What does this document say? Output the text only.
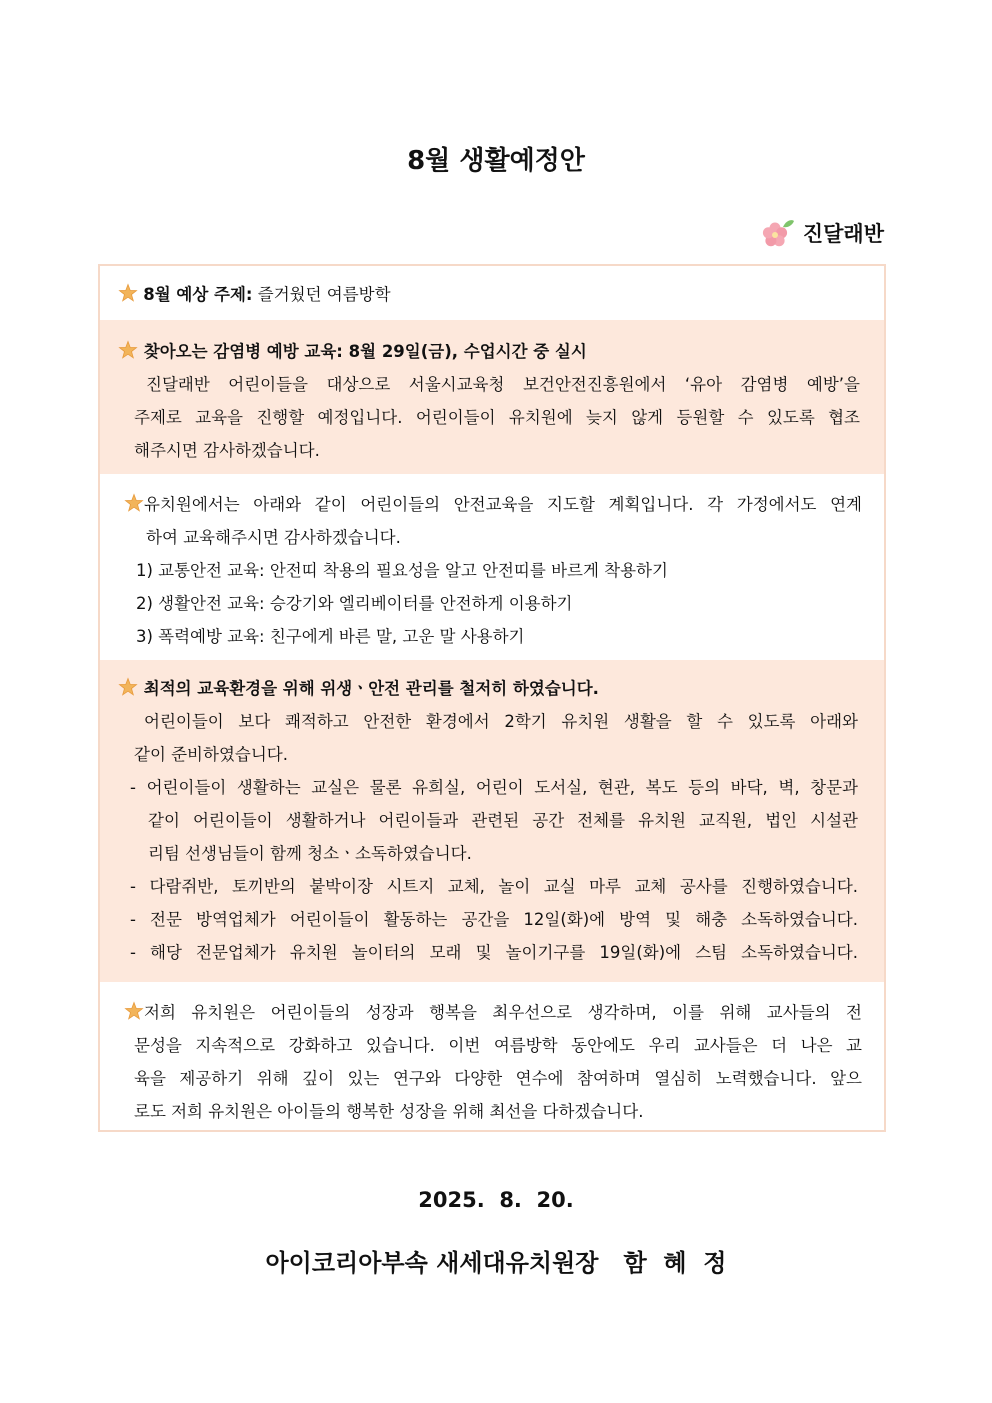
8월 생활예정안
진달래반
8월 예상 주제: 즐거웠던 여름방학
찾아오는 감염병 예방 교육: 8월 29일(금), 수업시간 중 실시
진달래반 어린이들을 대상으로 서울시교육청 보건안전진흥원에서 ‘유아 감염병 예방’을
주제로 교육을 진행할 예정입니다. 어린이들이 유치원에 늦지 않게 등원할 수 있도록 협조
해주시면 감사하겠습니다.
유치원에서는 아래와 같이 어린이들의 안전교육을 지도할 계획입니다. 각 가정에서도 연계
하여 교육해주시면 감사하겠습니다.
1) 교통안전 교육: 안전띠 착용의 필요성을 알고 안전띠를 바르게 착용하기
2) 생활안전 교육: 승강기와 엘리베이터를 안전하게 이용하기
3) 폭력예방 교육: 친구에게 바른 말, 고운 말 사용하기
최적의 교육환경을 위해 위생ㆍ안전 관리를 철저히 하였습니다.
어린이들이 보다 쾌적하고 안전한 환경에서 2학기 유치원 생활을 할 수 있도록 아래와
같이 준비하였습니다.
- 어린이들이 생활하는 교실은 물론 유희실, 어린이 도서실, 현관, 복도 등의 바닥, 벽, 창문과
같이 어린이들이 생활하거나 어린이들과 관련된 공간 전체를 유치원 교직원, 법인 시설관
리팀 선생님들이 함께 청소ㆍ소독하였습니다.
- 다람쥐반, 토끼반의 붙박이장 시트지 교체, 놀이 교실 마루 교체 공사를 진행하였습니다.
- 전문 방역업체가 어린이들이 활동하는 공간을 12일(화)에 방역 및 해충 소독하였습니다.
- 해당 전문업체가 유치원 놀이터의 모래 및 놀이기구를 19일(화)에 스팀 소독하였습니다.
저희 유치원은 어린이들의 성장과 행복을 최우선으로 생각하며, 이를 위해 교사들의 전
문성을 지속적으로 강화하고 있습니다. 이번 여름방학 동안에도 우리 교사들은 더 나은 교
육을 제공하기 위해 깊이 있는 연구와 다양한 연수에 참여하며 열심히 노력했습니다. 앞으
로도 저희 유치원은 아이들의 행복한 성장을 위해 최선을 다하겠습니다.
2025.  8.  20.
아이코리아부속 새세대유치원장   함  혜  정
